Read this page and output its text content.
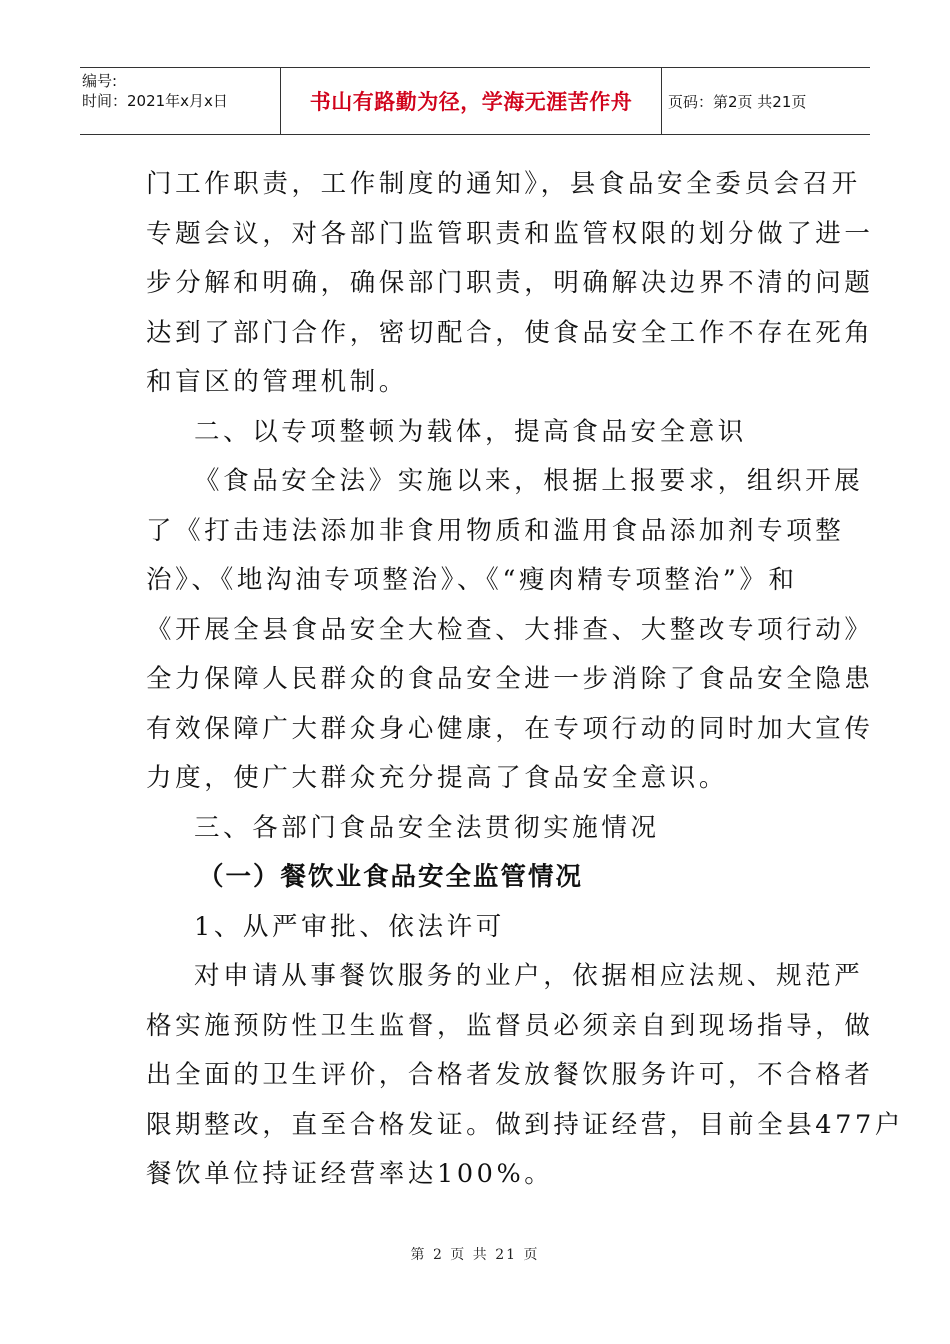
编号:
时间：2021年x月x日	书山有路勤为径，学海无涯苦作舟 页码：第2页 共21页

门工作职责，工作制度的通知》，县食品安全委员会召开

专题会议，对各部门监管职责和监管权限的划分做了进一

步分解和明确，确保部门职责，明确解决边界不清的问题

达到了部门合作，密切配合，使食品安全工作不存在死角

和盲区的管理机制。

二、以专项整顿为载体，提高食品安全意识

《食品安全法》实施以来，根据上报要求，组织开展

了《打击违法添加非食用物质和滥用食品添加剂专项整

治》、《地沟油专项整治》、《“瘦肉精专项整治”》和

《开展全县食品安全大检查、大排查、大整改专项行动》

全力保障人民群众的食品安全进一步消除了食品安全隐患

有效保障广大群众身心健康，在专项行动的同时加大宣传

力度，使广大群众充分提高了食品安全意识。

三、各部门食品安全法贯彻实施情况

（一）餐饮业食品安全监管情况

1、从严审批、依法许可

对申请从事餐饮服务的业户，依据相应法规、规范严

格实施预防性卫生监督，监督员必须亲自到现场指导，做

出全面的卫生评价，合格者发放餐饮服务许可，不合格者

限期整改，直至合格发证。做到持证经营，目前全县477户

餐饮单位持证经营率达100%。

第 2 页 共 21 页
